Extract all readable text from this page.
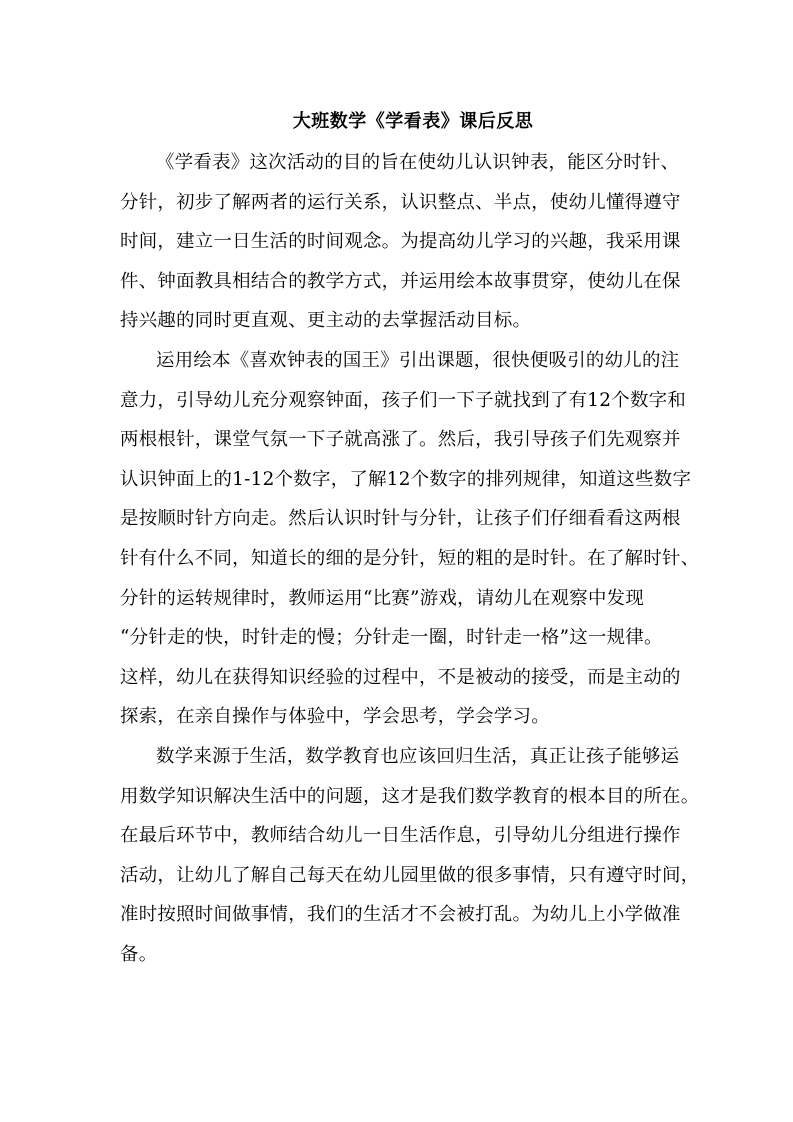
大班数学《学看表》课后反思
《学看表》这次活动的目的旨在使幼儿认识钟表，能区分时针、
分针，初步了解两者的运行关系，认识整点、半点，使幼儿懂得遵守
时间，建立一日生活的时间观念。为提高幼儿学习的兴趣，我采用课
件、钟面教具相结合的教学方式，并运用绘本故事贯穿，使幼儿在保
持兴趣的同时更直观、更主动的去掌握活动目标。
运用绘本《喜欢钟表的国王》引出课题，很快便吸引的幼儿的注
意力，引导幼儿充分观察钟面，孩子们一下子就找到了有12个数字和
两根根针，课堂气氛一下子就高涨了。然后，我引导孩子们先观察并
认识钟面上的1-12个数字，了解12个数字的排列规律，知道这些数字
是按顺时针方向走。然后认识时针与分针，让孩子们仔细看看这两根
针有什么不同，知道长的细的是分针，短的粗的是时针。在了解时针、
分针的运转规律时，教师运用“比赛”游戏，请幼儿在观察中发现
“分针走的快，时针走的慢；分针走一圈，时针走一格”这一规律。
这样，幼儿在获得知识经验的过程中，不是被动的接受，而是主动的
探索，在亲自操作与体验中，学会思考，学会学习。
数学来源于生活，数学教育也应该回归生活，真正让孩子能够运
用数学知识解决生活中的问题，这才是我们数学教育的根本目的所在。
在最后环节中，教师结合幼儿一日生活作息，引导幼儿分组进行操作
活动，让幼儿了解自己每天在幼儿园里做的很多事情，只有遵守时间，
准时按照时间做事情，我们的生活才不会被打乱。为幼儿上小学做准
备。
